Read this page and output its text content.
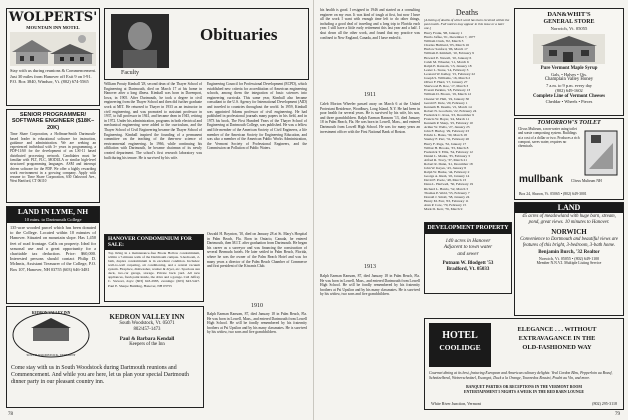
WOLPERTS'
MOUNTAIN INN MOTEL
Stay with us during reunions & Commencement. Just 30 miles from Hanover off Exit 9 on I-91. P.O. Box 3840, Windsor, Vt. (802) 674-5565
SENIOR PROGRAMMER/ SOFTWARE ENGINEER ($18K–20K)
Time Share Corporation, a Hoffman-Smith Dartmouth-based leader in educational software for instruction, guidance and administration. We are seeking an experienced individual with 3+ years in programming, a PDP-11/60 for the development of an LSI-11 based distributed processing network. Candidates must be familiar with PLT, FLC, MODULA or similar high-level structured programming languages. ASM and interrupt driven software for the PDP. We offer a highly rewarding work environment in a growing company. Apply with resume to: Time Share Corporation, 630 Oakwood Ave., West Hartford, CT 06110
LAND IN LYME, NH
10 mins. to Dartmouth College
135-acre wooded parcel which has been donated to the College. Located within 10 minutes of Hanover. Situated on mountain slope. Has 1,450 feet of road frontage. Calls on property. Ideal for seasonal use and a great opportunity for a charitable tax deduction. Price: $60,000. Interested persons should contact Philip D. McInnis, Assistant Treasurer of the College, P.O. Box 107, Hanover, NH 03755 (603) 646-3481
Obituaries
Faculty
William Prouty Kimball '28, second dean of the Thayer School of Engineering at Dartmouth, died on March 17 at his home in Hanover after a long illness. Kimball was born in Davenport, Iowa, in 1905. After Dartmouth, he took a degree in civil engineering from the Thayer School and then did further graduate work at MIT. He returned to Thayer in 1933 as an instructor in civil engineering, and was promoted to assistant professor in 1937, to full professor in 1941, and became dean in 1945, retiring in 1972. Under his administration, programs in both electrical and mechanical engineering were added to the curriculum, and the Thayer School of Civil Engineering became the Thayer School of Engineering. Kimball inspired the founding of a permanent committee on the teaching of the then-new science of environmental engineering. In 1966, while continuing his affiliation with Dartmouth, he became chairman of its newly created department. The school's first research laboratory was built during his tenure. He is survived by his wife.
Engineering Council for Professional Development (ECPD), which established new criteria for accreditation of American engineering schools, among them the integration of basic sciences into engineering curricula. This same year, Kimball also became consultant to the U.S. Agency for International Development (AID) and traveled to countries throughout the world. In 1959, Kimball was appointed Adams professor of civil engineering. He had published in professional journals many papers in his field, and in 1973 his book, The First Hundred Years of the Thayer School of Engineering at Dartmouth College, was published. He was a fellow and life member of the American Society of Civil Engineers, a life member of the American Society for Engineering Education, and was also a member of the American Public Works Administration, the Vermont Society of Professional Engineers, and the Commission on Pollution of Public Waters.
HANOVER CONDOMINIUM FOR SALE:
Top living in a maintenance-free Brook Hollow condominium, within a 7-minute walk of the Dartmouth campus. 3-bedroom, 2-bath, duplex condominium is in excellent condition. Includes: wall-to-wall carpeting, air conditioning, and a central vacuum system. Fireplace, dishwasher, washer & dryer, etc. Spacious sun deck, two-car garage, storage. Private back yard. All new appliances, fresh paint inside, the drive and a garage. Call Jeffrey C. Stewart, days: (603) 643-2983, evenings: (603) 643-5427. Paul E. Sharpe Building, Hanover, NH 03755
1910
Oswald H. Boynton, '10, died on January 28 at St. Mary's Hospital in Palm Beach, Fla. Born in Ontario, Canada, he entered Dartmouth, then M.I.T. after graduation from Dartmouth. He began his career as a surveyor and was financing the construction of several Bermuda hotels. He later settled in Palm Beach, Florida, where he was the owner of the Palm Beach Hotel and was for many years a director of the Palm Beach Chamber of Commerce and first president of the Kiwanis Club.
Ralph Earman Ransom, 87, died January 18 in Palm Beach, Fla. He was born in Lowell, Mass., and entered Dartmouth from Lowell High School. He will be fondly remembered by his fraternity brothers at Psi Upsilon and by his many classmates. He is survived by his widow, two sons and five grandchildren.
KEDRON VALLEY INN
SOUTH WOODSTOCK, VERMONT
KEDRON VALLEY INN
South Woodstock, Vt. 05071
802/457-1473
Paul & Barbara Kendall
Keepers of the Inn
Come stay with us in South Woodstock during Dartmouth reunions and Commencement. And while you are here, let us plan your special Dartmouth dinner party in our pleasant country inn.
78
his health is good. I resigned in 1946 and started as a consulting engineer on my own. It was kind of tough at first, but now I have all the work I want with enough time left to do other things, including a good deal of traveling and a long trip to Florida each year. I still have a little early retirement this last year and a half. I shut down all the other work, and found that my practice was confined to New England, Canada, and I have ended it.
1911
Caleb Morton Wheeler passed away on March 6 at the United Protestant Residence, Woodbury, Long Island, N.Y. He had been in poor health for several years. He is survived by his wife, his son, and three grandchildren. Ralph Earman Ransom '13, died January 18 in Palm Beach, Fla. He was born in Lowell, Mass., and entered Dartmouth from Lowell High School. He was for many years an investment officer with the First National Bank of Boston.
1913
Ralph Earman Ransom, 87, died January 18 in Palm Beach, Fla. He was born in Lowell, Mass., and entered Dartmouth from Lowell High School. He will be fondly remembered by his fraternity brothers at Psi Upsilon and by his many classmates. He is survived by his widow, two sons and five grandchildren.
Deaths
[A listing of deaths of which word has been received within the past month. Full notices may appear in this issue or a later one.]
Harry Frank, '98, January 1
Harris Jaffee, '01, December 7, 1977
William Clark, '02, March 3
Charles Hubbard, '05, March 16
Harlow Sanford, '06, March 17
William P. Kimball, '10, February 9
Howard E. Newell, '10, January 6
Caleb M. Wheeler, '11, March 6
Ralph E. Ransom, '13, January 18
Lester L. Stone, '14, February 3
Leonard W. Kelley, '15, February 22
Joseph S. Williams, '16, March 2
Oliver F. Hurd, '17, January 27
Sherwood B. Roe, '17, March 3
Everett Perkins, '18, February 13
William D. Brown, '19, March 12
Chester W. Hall, '19, January 30
Gerald F. Dole, '20, February 1
Kenneth B. Deems, '21, March 14
Robert N. Goodwin, '22, February 24
Frederick C. Ross, '23, December 9
Francis W. Boyer, '24, March 11
Kenneth P. Sharp, '25, February 10
Arthur W. Wells, '27, January 25
John F. Hurley, '29, February 23
Edwin L. Bates, '30, March 18
Stanley F. Parr, '31, February 20
Harry F. Page, '32, January 17
Wilbur H. Brooks, '33, March 8
Frederick T. Ellis, '34, February 12
Daniel L. Marks, '35, February 3
Alfred R. Tracy, '37, March 21
Robert R. Dunn, '41, December 18
John W. Keyes, '43, January 8
Ralph W. Burke, '44, February 2
George A. Rush, '45, January 14
David F. Poole, '48, March 13
Dana L. Hartwell, '50, February 19
Richard L. Harris, '52, March 3
Thomas P. Weld, '55, February 7
Donald J. Small, '58, January 24
Henry M. Farr, '63, February 11
Alan P. Cote, '70, February 15
Mark D. Kerr, '76, March 9
DEVELOPMENT PROPERTY
140 acres in Hanover
Adjacent to town water
and sewer
Putnam W. Blodgett '53
Bradford, Vt. 05033
DAN&WHIT'S
GENERAL STORE
Norwich, Vt. 05055
Pure Vermont Maple Syrup
Gals. • Halves • Qts.
Champlain Valley Honey
7 a.m. to 9 p.m. every day
(802) 649-1602
Complete Line of Vermont Cheeses
Cheddar • Wheels • Pieces
TOMORROW'S TOILET
Clivus Multrum, a non-water using toilet and waste composting system. Buildings at a cost of a dollar or two. Produces a rich compost, saves water, requires no chemicals.
mullbank Clivus Multrum NH
Box 24, Sharon, Vt. 05065 • (802) 649-3001
LAND
45 acres of meadowland with huge barn, stream, pond, great views. 10 minutes to Hanover.
NORWICH
Convenience to Dartmouth and beautiful views are features of this bright, 3-bedroom, 3-bath home.
Benjamin Burch, '32 Realtor
Norwich, Vt. 05055 • (802) 649-1100
Member N.N.V.I. Multiple Listing Service
HOTEL
COOLIDGE
ELEGANCE . . . WITHOUT
EXTRAVAGANCE IN THE
OLD-FASHIONED WAY
Gourmet dining at its best, featuring European and American culinary delights: Veal Cordon Bleu, Pepperloin au Boeuf, Schnitzelbowl, Weinerschnitzel, Escargot, Duck a la Orange, Tournedos Rossini, Poulet au Vin, and more.
BANQUET PARTIES OR RECEPTIONS IN THE VERMONT ROOM
ENTERTAINMENT 5 NIGHTS A WEEK IN THE RED BARN LOUNGE
White River Junction, Vermont	(802) 295-3118
79
